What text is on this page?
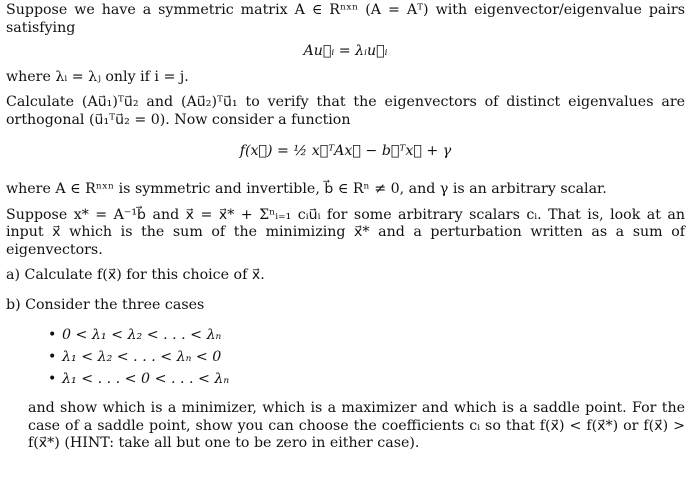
Suppose we have a symmetric matrix A ∈ Rⁿˣⁿ (A = Aᵀ) with eigenvector/eigenvalue pairs satisfying

Au⃗ᵢ = λᵢu⃗ᵢ

where λᵢ = λⱼ only if i = j.

Calculate (Au⃗₁)ᵀu⃗₂ and (Au⃗₂)ᵀu⃗₁ to verify that the eigenvectors of distinct eigenvalues are orthogonal (u⃗₁ᵀu⃗₂ = 0). Now consider a function

f(x⃗) = ½ x⃗ᵀAx⃗ − b⃗ᵀx⃗ + γ

where A ∈ Rⁿˣⁿ is symmetric and invertible, b⃗ ∈ Rⁿ ≠ 0, and γ is an arbitrary scalar.

Suppose x* = A⁻¹b⃗ and x⃗ = x⃗* + Σⁿᵢ₌₁ cᵢu⃗ᵢ for some arbitrary scalars cᵢ. That is, look at an input x⃗ which is the sum of the minimizing x⃗* and a perturbation written as a sum of eigenvectors.

a) Calculate f(x⃗) for this choice of x⃗.

b) Consider the three cases

• 0 < λ₁ < λ₂ < . . . < λₙ
• λ₁ < λ₂ < . . . < λₙ < 0
• λ₁ < . . . < 0 < . . . < λₙ

and show which is a minimizer, which is a maximizer and which is a saddle point. For the case of a saddle point, show you can choose the coefficients cᵢ so that f(x⃗) < f(x⃗*) or f(x⃗) > f(x⃗*) (HINT: take all but one to be zero in either case).
